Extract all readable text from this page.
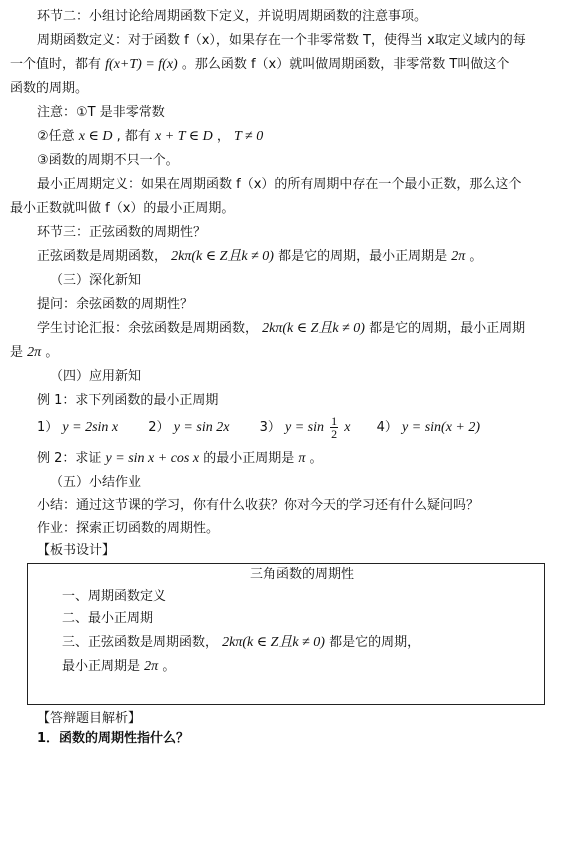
环节二：小组讨论给周期函数下定义，并说明周期函数的注意事项。
周期函数定义：对于函数 f（x），如果存在一个非零常数 T，使得当 x取定义域内的每
一个值时，都有 f(x+T) = f(x) 。那么函数 f（x）就叫做周期函数，非零常数 T叫做这个
函数的周期。
注意：①T 是非零常数
②任意 x ∈ D , 都有 x + T ∈ D ， T ≠ 0
③函数的周期不只一个。
最小正周期定义：如果在周期函数 f（x）的所有周期中存在一个最小正数，那么这个
最小正数就叫做 f（x）的最小正周期。
环节三：正弦函数的周期性？
正弦函数是周期函数， 2kπ(k ∈ Z且k ≠ 0) 都是它的周期，最小正周期是 2π 。
（三）深化新知
提问：余弦函数的周期性？
学生讨论汇报：余弦函数是周期函数， 2kπ(k ∈ Z且k ≠ 0) 都是它的周期，最小正周期
是 2π 。
（四）应用新知
例 1：求下列函数的最小正周期
1） y = 2sin x 2） y = sin 2x 3） $y = \sin \frac{1}{2}$ x 4） y = sin(x + 2)
例 2：求证 y = sin x + cos x 的最小正周期是 π 。
（五）小结作业
小结：通过这节课的学习，你有什么收获？你对今天的学习还有什么疑问吗？
作业：探索正切函数的周期性。
【板书设计】
三角函数的周期性
一、周期函数定义
二、最小正周期
三、正弦函数是周期函数， 2kπ(k ∈ Z且k ≠ 0) 都是它的周期，
最小正周期是 2π 。
【答辩题目解析】
1．函数的周期性指什么？
